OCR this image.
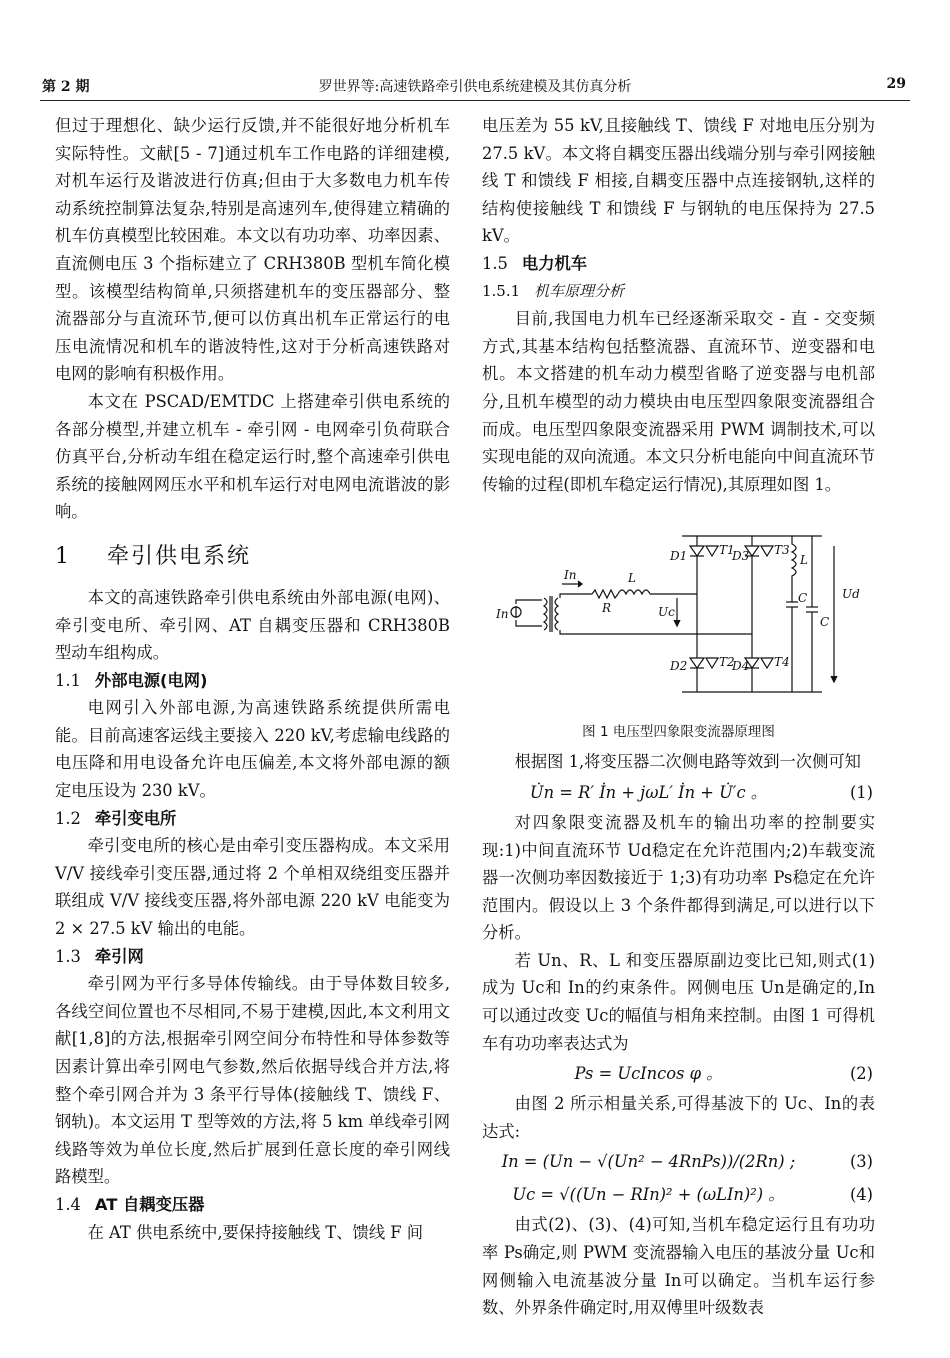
第 2 期	罗世界等:高速铁路牵引供电系统建模及其仿真分析	29

但过于理想化、缺少运行反馈,并不能很好地分析机车实际特性。文献[5 - 7]通过机车工作电路的详细建模,对机车运行及谐波进行仿真;但由于大多数电力机车传动系统控制算法复杂,特别是高速列车,使得建立精确的机车仿真模型比较困难。本文以有功功率、功率因素、直流侧电压 3 个指标建立了 CRH380B 型机车简化模型。该模型结构简单,只须搭建机车的变压器部分、整流器部分与直流环节,便可以仿真出机车正常运行的电压电流情况和机车的谐波特性,这对于分析高速铁路对电网的影响有积极作用。

本文在 PSCAD/EMTDC 上搭建牵引供电系统的各部分模型,并建立机车 - 牵引网 - 电网牵引负荷联合仿真平台,分析动车组在稳定运行时,整个高速牵引供电系统的接触网网压水平和机车运行对电网电流谐波的影响。

1 牵引供电系统

本文的高速铁路牵引供电系统由外部电源(电网)、牵引变电所、牵引网、AT 自耦变压器和 CRH380B 型动车组构成。

1.1 外部电源(电网)

电网引入外部电源,为高速铁路系统提供所需电能。目前高速客运线主要接入 220 kV,考虑输电线路的电压降和用电设备允许电压偏差,本文将外部电源的额定电压设为 230 kV。

1.2 牵引变电所

牵引变电所的核心是由牵引变压器构成。本文采用 V/V 接线牵引变压器,通过将 2 个单相双绕组变压器并联组成 V/V 接线变压器,将外部电源 220 kV 电能变为 2 × 27.5 kV 输出的电能。

1.3 牵引网

牵引网为平行多导体传输线。由于导体数目较多,各线空间位置也不尽相同,不易于建模,因此,本文利用文献[1,8]的方法,根据牵引网空间分布特性和导体参数等因素计算出牵引网电气参数,然后依据导线合并方法,将整个牵引网合并为 3 条平行导体(接触线 T、馈线 F、钢轨)。本文运用 T 型等效的方法,将 5 km 单线牵引网线路等效为单位长度,然后扩展到任意长度的牵引网线路模型。

1.4 AT 自耦变压器

在 AT 供电系统中,要保持接触线 T、馈线 F 间

电压差为 55 kV,且接触线 T、馈线 F 对地电压分别为 27.5 kV。本文将自耦变压器出线端分别与牵引网接触线 T 和馈线 F 相接,自耦变压器中点连接钢轨,这样的结构使接触线 T 和馈线 F 与钢轨的电压保持为 27.5 kV。

1.5 电力机车
1.5.1 机车原理分析

目前,我国电力机车已经逐渐采取交 - 直 - 交变频方式,其基本结构包括整流器、直流环节、逆变器和电机。本文搭建的机车动力模型省略了逆变器与电机部分,且机车模型的动力模块由电压型四象限变流器组合而成。电压型四象限变流器采用 PWM 调制技术,可以实现电能的双向流通。本文只分析电能向中间直流环节传输的过程(即机车稳定运行情况),其原理如图 1。

In
In	L
R	Uc
D1	T1
D3 T3
D2	T2
D4 T4
L
C
C
Ud

图 1 电压型四象限变流器原理图

根据图 1,将变压器二次侧电路等效到一次侧可知

U̇n = R′ İn + jωL′ İn + U̇′c 。	(1)

对四象限变流器及机车的输出功率的控制要实现:1)中间直流环节 Ud稳定在允许范围内;2)车载变流器一次侧功率因数接近于 1;3)有功功率 Ps稳定在允许范围内。假设以上 3 个条件都得到满足,可以进行以下分析。

若 Un、R、L 和变压器原副边变比已知,则式(1)成为 Uc和 In的约束条件。网侧电压 Un是确定的,In可以通过改变 Uc的幅值与相角来控制。由图 1 可得机车有功功率表达式为

Ps = UcIncos φ 。	(2)

由图 2 所示相量关系,可得基波下的 Uc、In的表达式:

In = (Un − √(Un² − 4RnPs))/(2Rn) ;	(3)
Uc = √((Un − RIn)² + (ωLIn)²) 。	(4)

由式(2)、(3)、(4)可知,当机车稳定运行且有功功率 Ps确定,则 PWM 变流器输入电压的基波分量 Uc和网侧输入电流基波分量 In可以确定。当机车运行参数、外界条件确定时,用双傅里叶级数表
